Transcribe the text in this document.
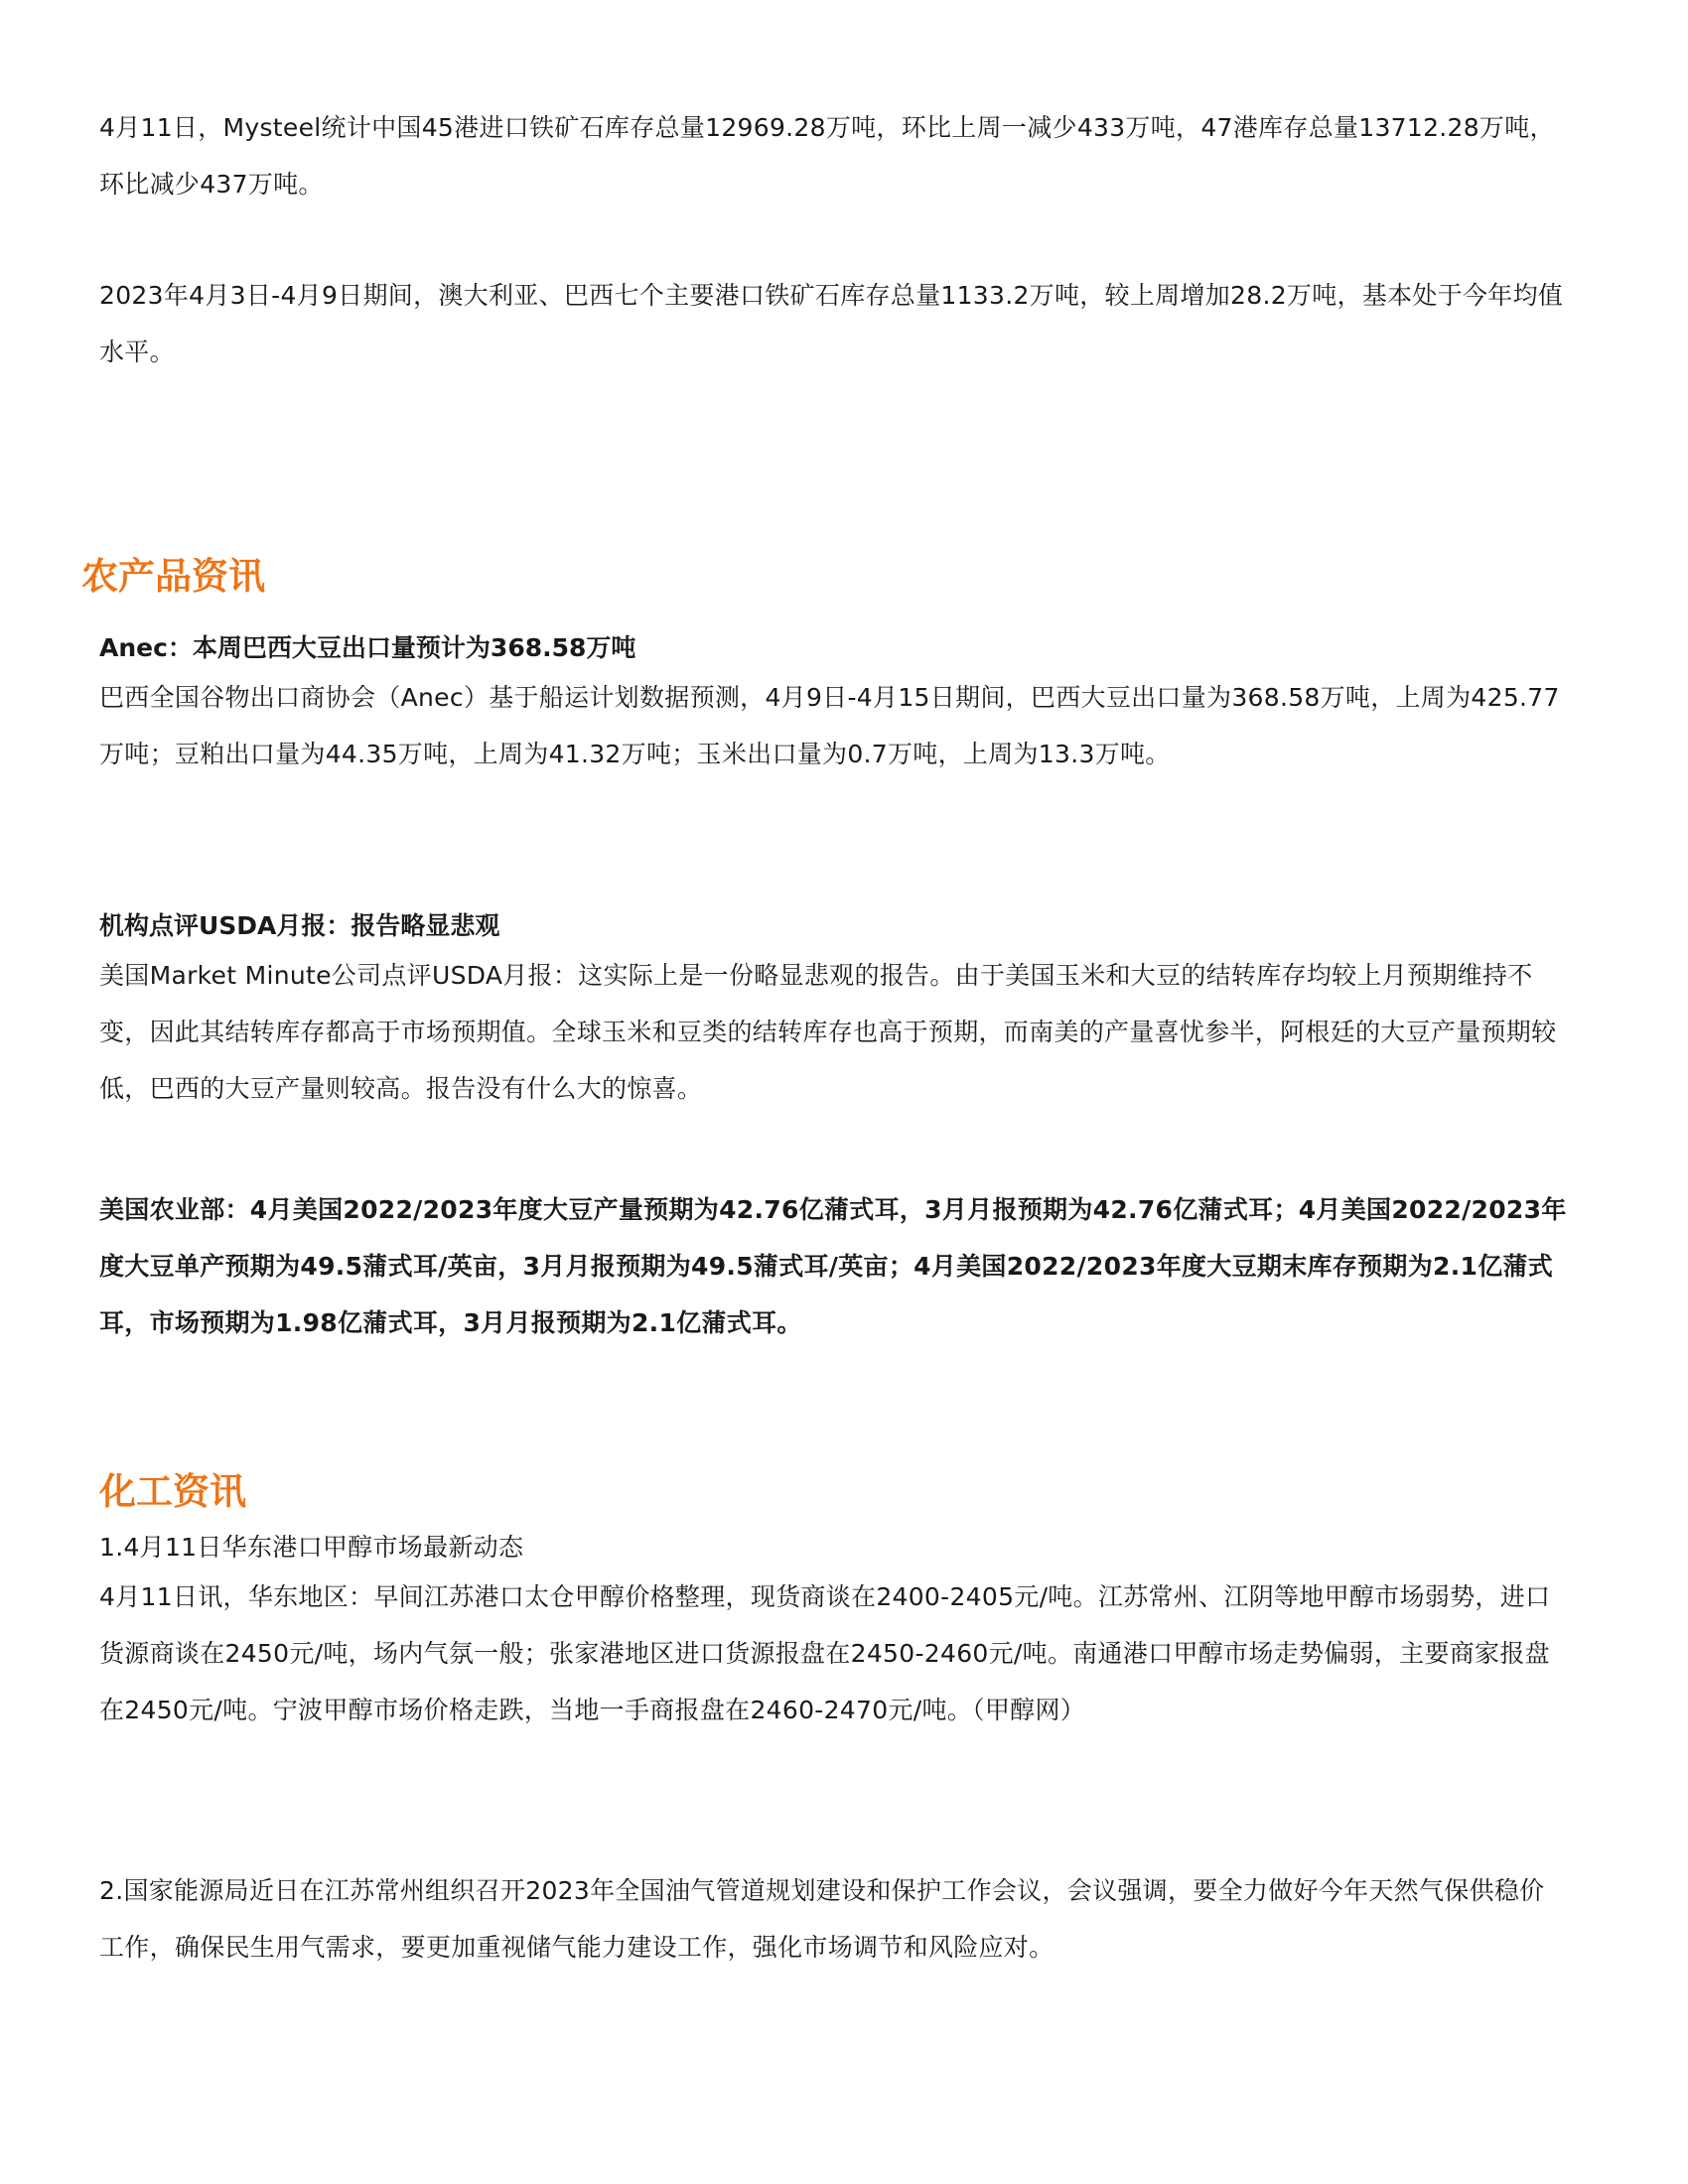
4月11日，Mysteel统计中国45港进口铁矿石库存总量12969.28万吨，环比上周一减少433万吨，47港库存总量13712.28万吨，环比减少437万吨。

2023年4月3日-4月9日期间，澳大利亚、巴西七个主要港口铁矿石库存总量1133.2万吨，较上周增加28.2万吨，基本处于今年均值水平。

农产品资讯
Anec：本周巴西大豆出口量预计为368.58万吨

巴西全国谷物出口商协会（Anec）基于船运计划数据预测，4月9日-4月15日期间，巴西大豆出口量为368.58万吨，上周为425.77万吨；豆粕出口量为44.35万吨，上周为41.32万吨；玉米出口量为0.7万吨，上周为13.3万吨。

机构点评USDA月报：报告略显悲观

美国Market Minute公司点评USDA月报：这实际上是一份略显悲观的报告。由于美国玉米和大豆的结转库存均较上月预期维持不变，因此其结转库存都高于市场预期值。全球玉米和豆类的结转库存也高于预期，而南美的产量喜忧参半，阿根廷的大豆产量预期较低，巴西的大豆产量则较高。报告没有什么大的惊喜。

美国农业部：4月美国2022/2023年度大豆产量预期为42.76亿蒲式耳，3月月报预期为42.76亿蒲式耳；4月美国2022/2023年度大豆单产预期为49.5蒲式耳/英亩，3月月报预期为49.5蒲式耳/英亩；4月美国2022/2023年度大豆期末库存预期为2.1亿蒲式耳，市场预期为1.98亿蒲式耳，3月月报预期为2.1亿蒲式耳。

化工资讯

1.4月11日华东港口甲醇市场最新动态

4月11日讯，华东地区：早间江苏港口太仓甲醇价格整理，现货商谈在2400-2405元/吨。江苏常州、江阴等地甲醇市场弱势，进口货源商谈在2450元/吨，场内气氛一般；张家港地区进口货源报盘在2450-2460元/吨。南通港口甲醇市场走势偏弱，主要商家报盘在2450元/吨。宁波甲醇市场价格走跌，当地一手商报盘在2460-2470元/吨。（甲醇网）

2.国家能源局近日在江苏常州组织召开2023年全国油气管道规划建设和保护工作会议，会议强调，要全力做好今年天然气保供稳价工作，确保民生用气需求，要更加重视储气能力建设工作，强化市场调节和风险应对。
